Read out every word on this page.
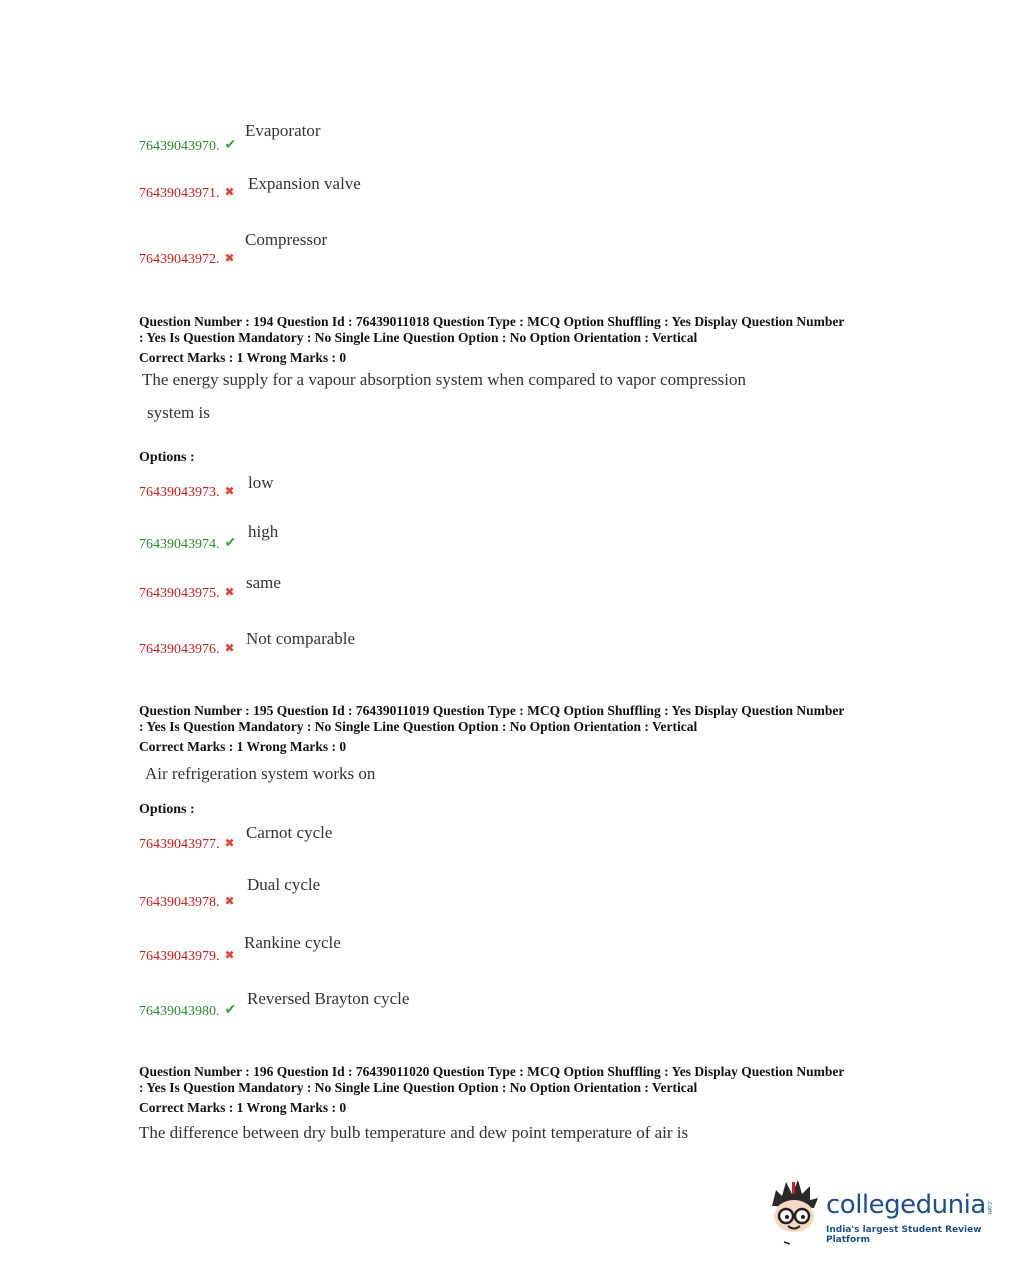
76439043970. ✔
Evaporator
76439043971. ✖ Expansion valve
76439043972. ✖
Compressor
Question Number : 194 Question Id : 76439011018 Question Type : MCQ Option Shuffling : Yes Display Question Number
: Yes Is Question Mandatory : No Single Line Question Option : No Option Orientation : Vertical
Correct Marks : 1 Wrong Marks : 0
The energy supply for a vapour absorption system when compared to vapor compression
system is
Options :
76439043973. ✖ low
76439043974. ✔
high
76439043975. ✖ same
76439043976. ✖ Not comparable
Question Number : 195 Question Id : 76439011019 Question Type : MCQ Option Shuffling : Yes Display Question Number
: Yes Is Question Mandatory : No Single Line Question Option : No Option Orientation : Vertical
Correct Marks : 1 Wrong Marks : 0
Air refrigeration system works on
Options :
76439043977. ✖
Carnot cycle
76439043978. ✖
Dual cycle
76439043979. ✖
Rankine cycle
76439043980. ✔
Reversed Brayton cycle
Question Number : 196 Question Id : 76439011020 Question Type : MCQ Option Shuffling : Yes Display Question Number
: Yes Is Question Mandatory : No Single Line Question Option : No Option Orientation : Vertical
Correct Marks : 1 Wrong Marks : 0
The difference between dry bulb temperature and dew point temperature of air is
collegedunia .com
India's largest Student Review Platform
